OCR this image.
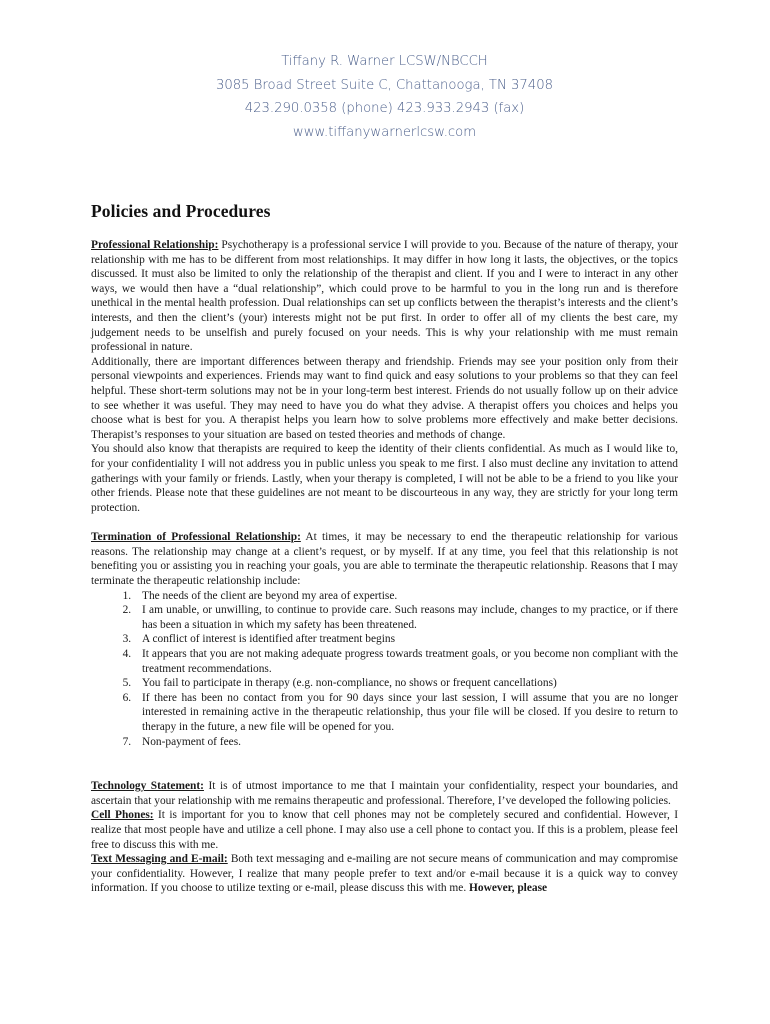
Tiffany R. Warner LCSW/NBCCH
3085 Broad Street Suite C, Chattanooga, TN 37408
423.290.0358 (phone) 423.933.2943 (fax)
www.tiffanywarnerlcsw.com
Policies and Procedures

Professional Relationship: Psychotherapy is a professional service I will provide to you. Because of the nature of therapy, your relationship with me has to be different from most relationships. It may differ in how long it lasts, the objectives, or the topics discussed. It must also be limited to only the relationship of the therapist and client. If you and I were to interact in any other ways, we would then have a “dual relationship”, which could prove to be harmful to you in the long run and is therefore unethical in the mental health profession. Dual relationships can set up conflicts between the therapist’s interests and the client’s interests, and then the client’s (your) interests might not be put first. In order to offer all of my clients the best care, my judgement needs to be unselfish and purely focused on your needs. This is why your relationship with me must remain professional in nature.

Additionally, there are important differences between therapy and friendship. Friends may see your position only from their personal viewpoints and experiences. Friends may want to find quick and easy solutions to your problems so that they can feel helpful. These short-term solutions may not be in your long-term best interest. Friends do not usually follow up on their advice to see whether it was useful. They may need to have you do what they advise. A therapist offers you choices and helps you choose what is best for you. A therapist helps you learn how to solve problems more effectively and make better decisions. Therapist’s responses to your situation are based on tested theories and methods of change.

You should also know that therapists are required to keep the identity of their clients confidential. As much as I would like to, for your confidentiality I will not address you in public unless you speak to me first. I also must decline any invitation to attend gatherings with your family or friends. Lastly, when your therapy is completed, I will not be able to be a friend to you like your other friends. Please note that these guidelines are not meant to be discourteous in any way, they are strictly for your long term protection.

Termination of Professional Relationship: At times, it may be necessary to end the therapeutic relationship for various reasons. The relationship may change at a client’s request, or by myself. If at any time, you feel that this relationship is not benefiting you or assisting you in reaching your goals, you are able to terminate the therapeutic relationship. Reasons that I may terminate the therapeutic relationship include:

1. The needs of the client are beyond my area of expertise.
2. I am unable, or unwilling, to continue to provide care. Such reasons may include, changes to my practice, or if there has been a situation in which my safety has been threatened.
3. A conflict of interest is identified after treatment begins
4. It appears that you are not making adequate progress towards treatment goals, or you become non compliant with the treatment recommendations.
5. You fail to participate in therapy (e.g. non-compliance, no shows or frequent cancellations)
6. If there has been no contact from you for 90 days since your last session, I will assume that you are no longer interested in remaining active in the therapeutic relationship, thus your file will be closed. If you desire to return to therapy in the future, a new file will be opened for you.
7. Non-payment of fees.

Technology Statement: It is of utmost importance to me that I maintain your confidentiality, respect your boundaries, and ascertain that your relationship with me remains therapeutic and professional. Therefore, I’ve developed the following policies.

Cell Phones: It is important for you to know that cell phones may not be completely secured and confidential. However, I realize that most people have and utilize a cell phone. I may also use a cell phone to contact you. If this is a problem, please feel free to discuss this with me.

Text Messaging and E-mail: Both text messaging and e-mailing are not secure means of communication and may compromise your confidentiality. However, I realize that many people prefer to text and/or e-mail because it is a quick way to convey information. If you choose to utilize texting or e-mail, please discuss this with me. However, please
